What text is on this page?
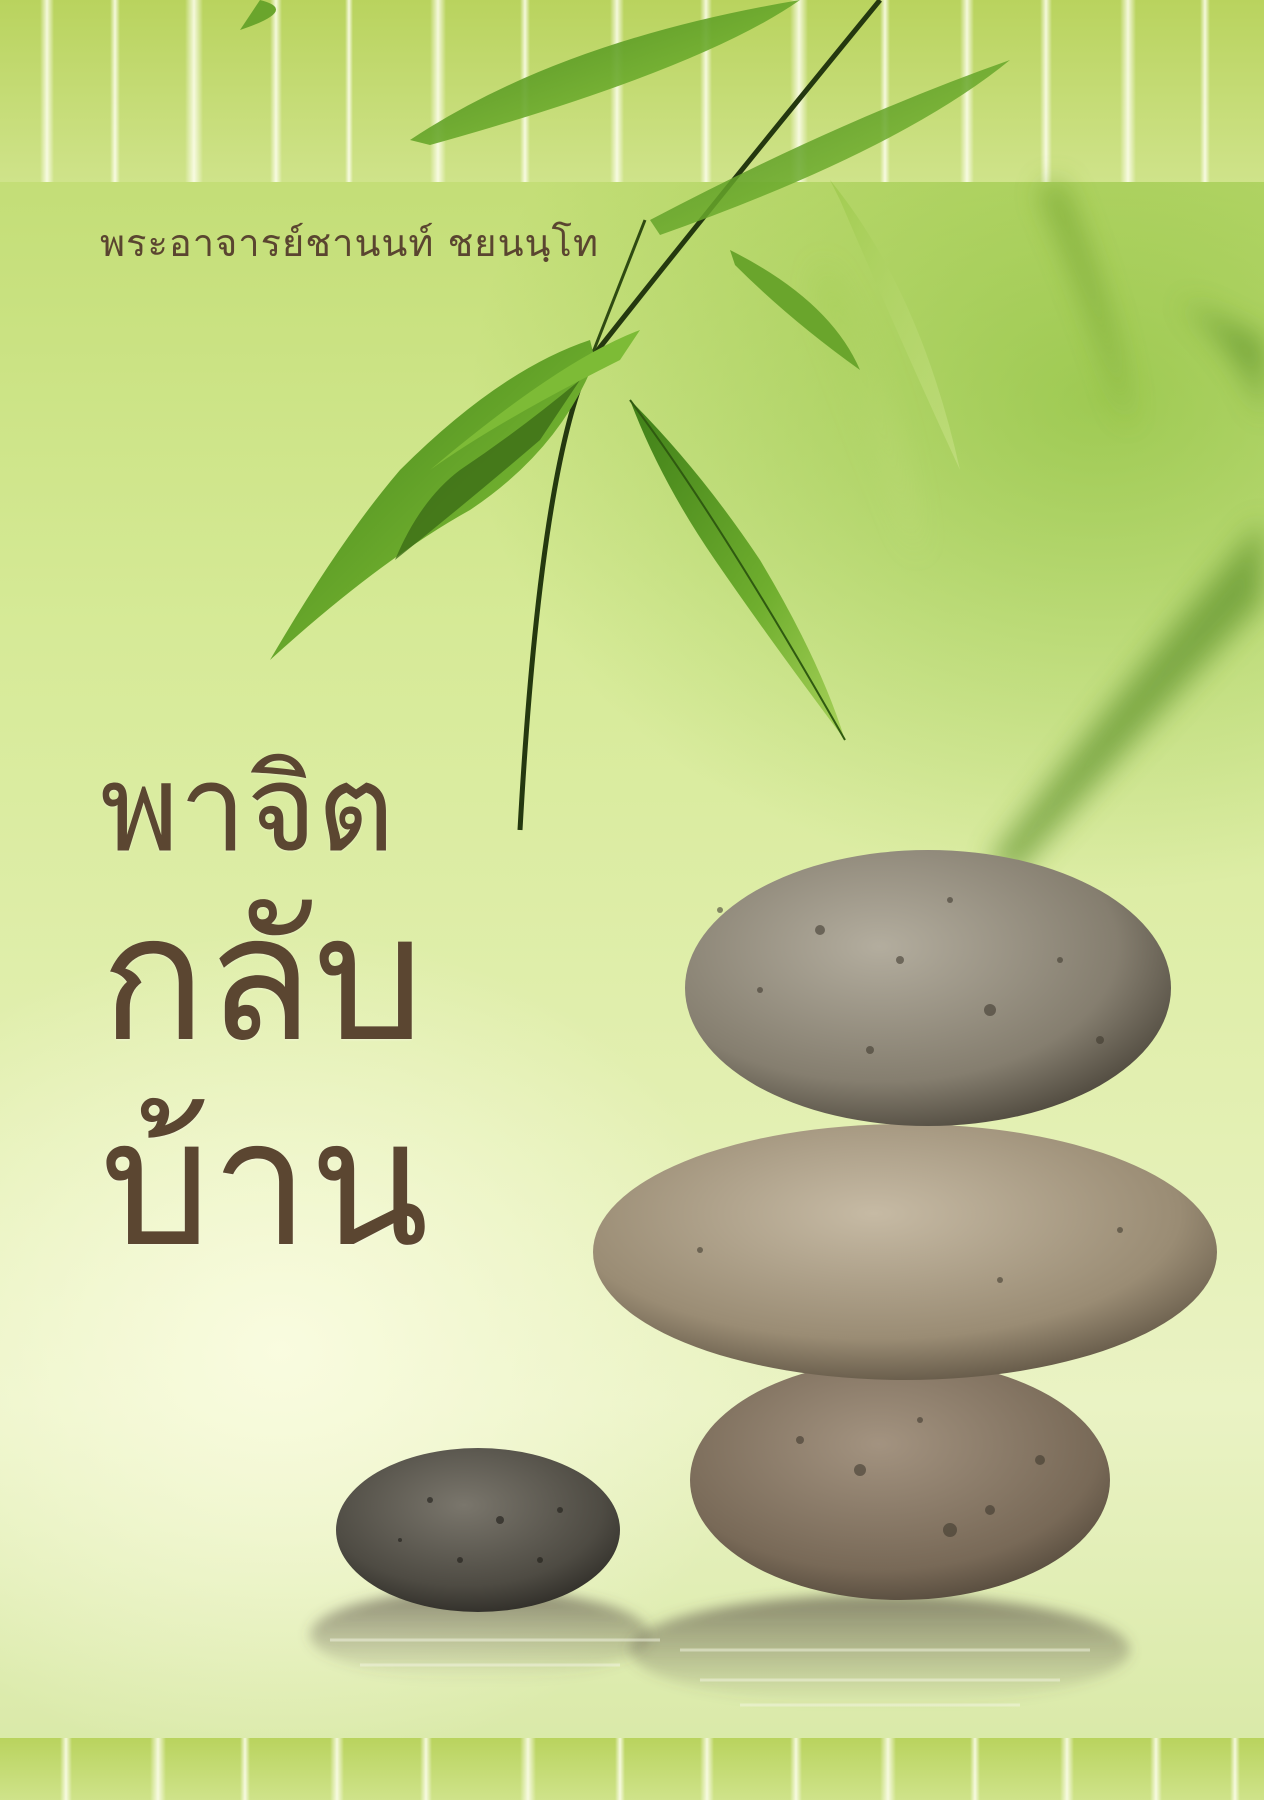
พระอาจารย์ชานนท์ ชยนนฺโท
พาจิต
กลับ
บ้าน
